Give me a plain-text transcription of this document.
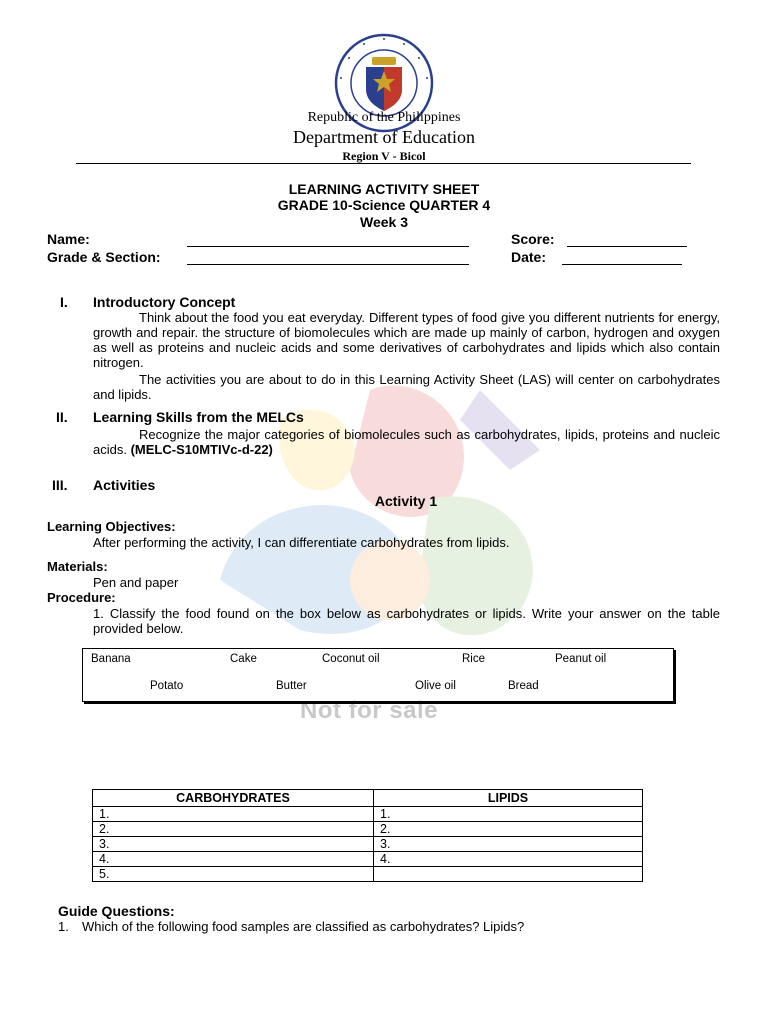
Not for sale
Republic of the Philippines
Department of Education
Region V - Bicol
LEARNING ACTIVITY SHEET
GRADE 10-Science QUARTER 4
Week 3
Name:	Score:
Grade & Section:	Date:
I. Introductory Concept
Think about the food you eat everyday. Different types of food give you different nutrients for energy, growth and repair. the structure of biomolecules which are made up mainly of carbon, hydrogen and oxygen as well as proteins and nucleic acids and some derivatives of carbohydrates and lipids which also contain nitrogen.
The activities you are about to do in this Learning Activity Sheet (LAS) will center on carbohydrates and lipids.
II. Learning Skills from the MELCs
Recognize the major categories of biomolecules such as carbohydrates, lipids, proteins and nucleic acids. (MELC-S10MTIVc-d-22)
III. Activities
Activity 1
Learning Objectives:
After performing the activity, I can differentiate carbohydrates from lipids.
Materials:
Pen and paper
Procedure:
1. Classify the food found on the box below as carbohydrates or lipids. Write your answer on the table provided below.
Banana	Cake	Coconut oil	Rice	Peanut oil
Potato	Butter	Olive oil	Bread
CARBOHYDRATES	LIPIDS
1.	1.
2.	2.
3.	3.
4.	4.
5.	
Guide Questions:
1. Which of the following food samples are classified as carbohydrates? Lipids?
